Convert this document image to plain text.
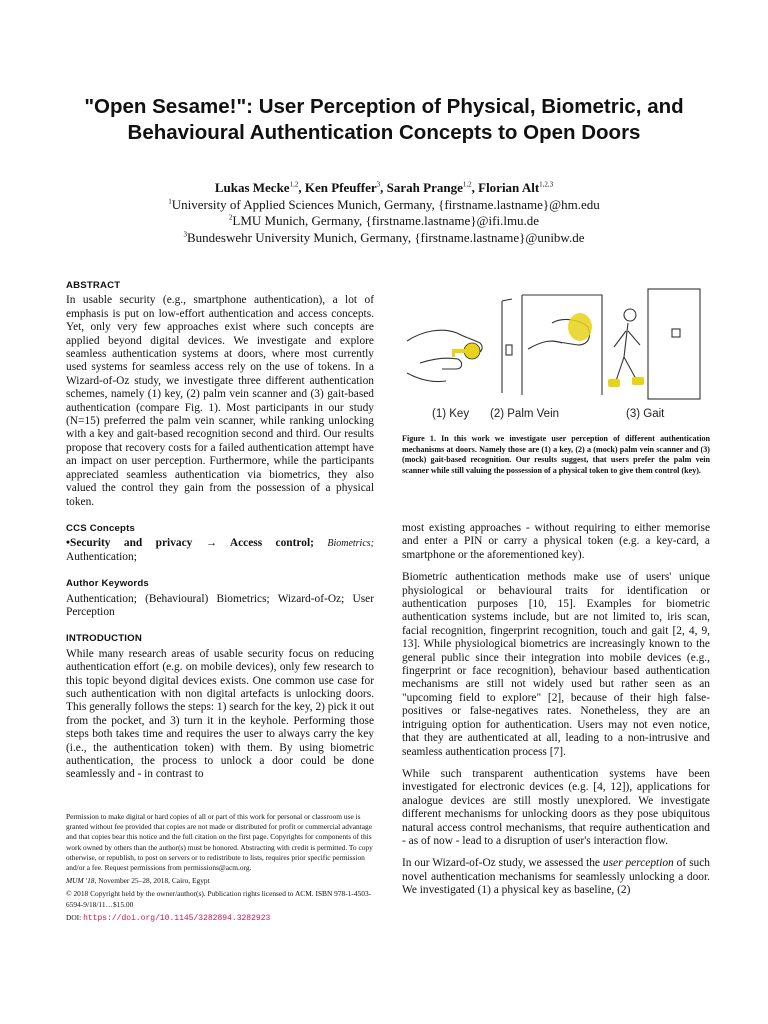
"Open Sesame!": User Perception of Physical, Biometric, and Behavioural Authentication Concepts to Open Doors
Lukas Mecke$^{1,2}$, Ken Pfeuffer$^3$, Sarah Prange$^{1,2}$, Florian Alt$^{1,2,3}$
$^1$University of Applied Sciences Munich, Germany, {firstname.lastname}@hm.edu
$^2$LMU Munich, Germany, {firstname.lastname}@ifi.lmu.de
$^3$Bundeswehr University Munich, Germany, {firstname.lastname}@unibw.de
ABSTRACT
In usable security (e.g., smartphone authentication), a lot of emphasis is put on low-effort authentication and access concepts. Yet, only very few approaches exist where such concepts are applied beyond digital devices. We investigate and explore seamless authentication systems at doors, where most currently used systems for seamless access rely on the use of tokens. In a Wizard-of-Oz study, we investigate three different authentication schemes, namely (1) key, (2) palm vein scanner and (3) gait-based authentication (compare Fig. 1). Most participants in our study (N=15) preferred the palm vein scanner, while ranking unlocking with a key and gait-based recognition second and third. Our results propose that recovery costs for a failed authentication attempt have an impact on user perception. Furthermore, while the participants appreciated seamless authentication via biometrics, they also valued the control they gain from the possession of a physical token.
CCS Concepts
•Security and privacy → Access control; Biometrics; Authentication;
Author Keywords
Authentication; (Behavioural) Biometrics; Wizard-of-Oz; User Perception
INTRODUCTION
While many research areas of usable security focus on reducing authentication effort (e.g. on mobile devices), only few research to this topic beyond digital devices exists. One common use case for such authentication with non digital artefacts is unlocking doors. This generally follows the steps: 1) search for the key, 2) pick it out from the pocket, and 3) turn it in the keyhole. Performing those steps both takes time and requires the user to always carry the key (i.e., the authentication token) with them. By using biometric authentication, the process to unlock a door could be done seamlessly and - in contrast to

Permission to make digital or hard copies of all or part of this work for personal or classroom use is granted without fee provided that copies are not made or distributed for profit or commercial advantage and that copies bear this notice and the full citation on the first page. Copyrights for components of this work owned by others than the author(s) must be honored. Abstracting with credit is permitted. To copy otherwise, or republish, to post on servers or to redistribute to lists, requires prior specific permission and/or a fee. Request permissions from permissions@acm.org.

MUM '18, November 25–28, 2018, Cairo, Egypt

© 2018 Copyright held by the owner/author(s). Publication rights licensed to ACM. ISBN 978-1-4503-6594-9/18/11…$15.00

DOI: https://doi.org/10.1145/3282894.3282923

(1) Key (2) Palm Vein	(3) Gait
Figure 1. In this work we investigate user perception of different authentication mechanisms at doors. Namely those are (1) a key, (2) a (mock) palm vein scanner and (3) (mock) gait-based recognition. Our results suggest, that users prefer the palm vein scanner while still valuing the possession of a physical token to give them control (key).

most existing approaches - without requiring to either memorise and enter a PIN or carry a physical token (e.g. a key-card, a smartphone or the aforementioned key).

Biometric authentication methods make use of users' unique physiological or behavioural traits for identification or authentication purposes [10, 15]. Examples for biometric authentication systems include, but are not limited to, iris scan, facial recognition, fingerprint recognition, touch and gait [2, 4, 9, 13]. While physiological biometrics are increasingly known to the general public since their integration into mobile devices (e.g., fingerprint or face recognition), behaviour based authentication mechanisms are still not widely used but rather seen as an "upcoming field to explore" [2], because of their high false-positives or false-negatives rates. Nonetheless, they are an intriguing option for authentication. Users may not even notice, that they are authenticated at all, leading to a non-intrusive and seamless authentication process [7].

While such transparent authentication systems have been investigated for electronic devices (e.g. [4, 12]), applications for analogue devices are still mostly unexplored. We investigate different mechanisms for unlocking doors as they pose ubiquitous natural access control mechanisms, that require authentication and - as of now - lead to a disruption of user's interaction flow.

In our Wizard-of-Oz study, we assessed the user perception of such novel authentication mechanisms for seamlessly unlocking a door. We investigated (1) a physical key as baseline, (2)
